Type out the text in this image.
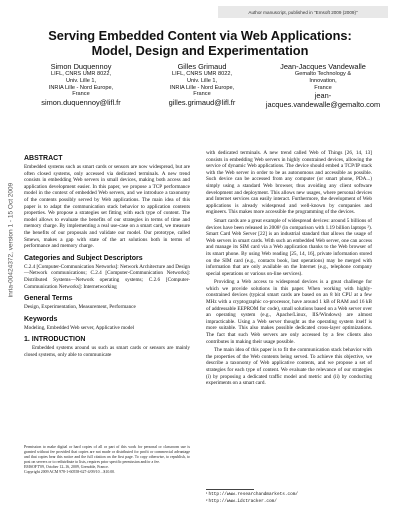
Author manuscript, published in "Emsoft 2009 (2009)"
inria-00424372, version 1 - 15 Oct 2009
Serving Embedded Content via Web Applications: Model, Design and Experimentation
Simon Duquennoy
LIFL, CNRS UMR 8022,
Univ. Lille 1,
INRIA Lille - Nord Europe,
France
simon.duquennoy@lifl.fr
Gilles Grimaud
LIFL, CNRS UMR 8022,
Univ. Lille 1,
INRIA Lille - Nord Europe,
France
gilles.grimaud@lifl.fr
Jean-Jacques Vandewalle
Gemalto Technology &
Innovation,
France
jean-jacques.vandewalle@gemalto.com
ABSTRACT

Embedded systems such as smart cards or sensors are now widespread, but are often closed systems, only accessed via dedicated terminals. A new trend consists in embedding Web servers in small devices, making both access and application development easier. In this paper, we propose a TCP performance model in the context of embedded Web servers, and we introduce a taxonomy of the contents possibly served by Web applications. The main idea of this paper is to adapt the communication stack behavior to application contents properties. We propose a strategies set fitting with each type of content. The model allows to evaluate the benefits of our strategies in terms of time and memory charge. By implementing a real use-case on a smart card, we measure the benefits of our proposals and validate our model. Our prototype, called Smews, makes a gap with state of the art solutions both in terms of performance and memory charge.

Categories and Subject Descriptors

C.2.4 [Computer-Communication Networks]: Network Architecture and Design—Network communications; C.2.4 [Computer-Communication Networks]: Distributed Systems—Network operating systems; C.2.6 [Computer-Communication Networks]: Internetworking

General Terms

Design, Experimentation, Measurement, Performance

Keywords

Modeling, Embedded Web server, Applicative model

1. INTRODUCTION

Embedded systems around us such as smart cards or sensors are mainly closed systems, only able to communicate

Permission to make digital or hard copies of all or part of this work for personal or classroom use is granted without fee provided that copies are not made or distributed for profit or commercial advantage and that copies bear this notice and the full citation on the first page. To copy otherwise, to republish, to post on servers or to redistribute to lists, requires prior specific permission and/or a fee.

EMSOFT'09, October 12–16, 2009, Grenoble, France.

Copyright 2009 ACM 978-1-60558-627-4/09/10 ...$10.00.

with dedicated terminals. A new trend called Web of Things [26, 14, 13] consists in embedding Web servers in highly constrained devices, allowing the service of dynamic Web applications. The device should embed a TCP/IP stack with the Web server in order to be as autonomous and accessible as possible. Such device can be accessed from any computer (or smart phone, PDA...) simply using a standard Web browser, thus avoiding any client software development and deployment. This allows new usages, where personal devices and Internet services can easily interact. Furthermore, the development of Web applications is already widespread and well-known by companies and engineers. This makes more accessible the programming of the devices.

Smart cards are a great example of widespread devices: around 5 billions of devices have been released in 2008¹ (in comparison with 1.19 billion laptops ²). Smart Card Web Server [22] is an industrial standard that allows the usage of Web servers in smart cards. With such an embedded Web server, one can access and manage its SIM card via a Web application thanks to the Web browser of its smart phone. By using Web reading [25, 14, 16], private information stored on the SIM card (e.g., contacts book, last operations) may be merged with information that are only available on the Internet (e.g., telephone company special operations or various on-line services).

Providing a Web access to widespread devices is a great challenge for which we provide solutions in this paper. When working with highly-constrained devices (typical smart cards are based on an 8 bit CPU at a few MHz with a cryptographic co-processor, have around 1 kB of RAM and 16 kB of addressable EEPROM for code), small solutions based on a Web server over an operating system (e.g., Apache/Linux, IIS/Windows) are almost impracticable. Using a Web server thought as the operating system itself is more suitable. This also makes possible dedicated cross-layer optimizations. The fact that such Web servers are only accessed by a few clients also contributes in making their usage possible.

The main idea of this paper is to fit the communication stack behavior with the properties of the Web contents being served. To achieve this objective, we describe a taxonomy of Web applicative contents, and we propose a set of strategies for each type of content. We evaluate the relevance of our strategies (i) by proposing a dedicated traffic model and metric and (ii) by conducting experiments on a smart card.

¹ http://www.researchandmarkets.com/
² http://www.idctracker.com/
